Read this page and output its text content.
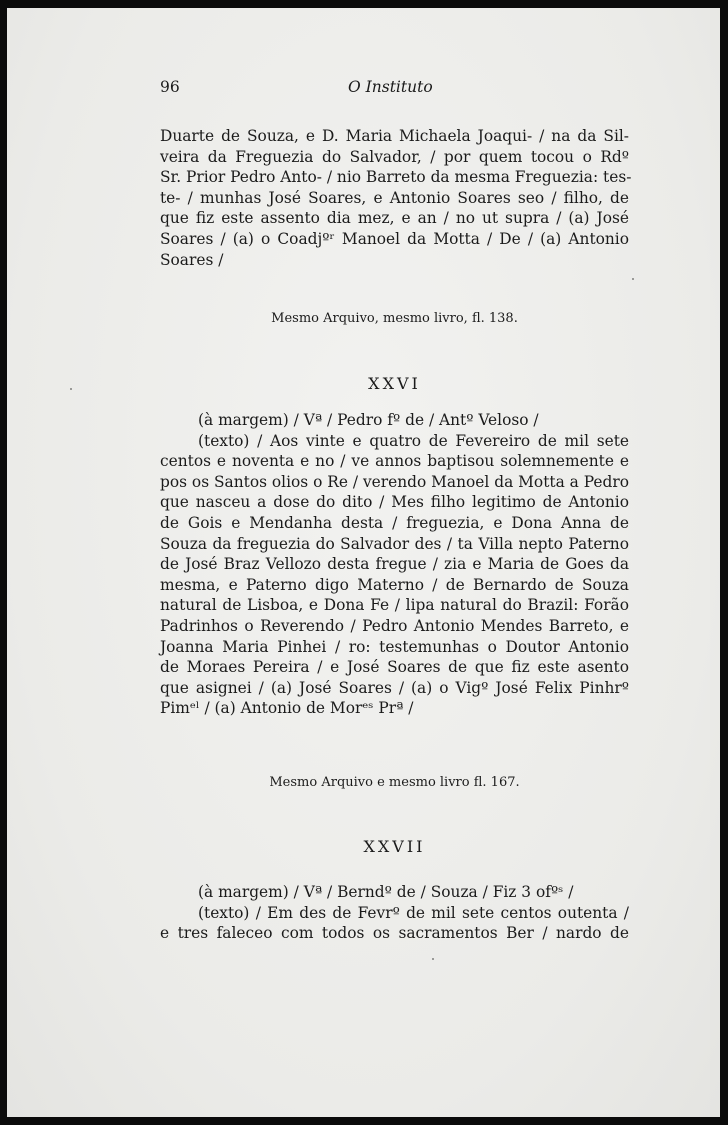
96	O Instituto
Duarte de Souza, e D. Maria Michaela Joaqui- / na da Sil-
veira da Freguezia do Salvador, / por quem tocou o Rdº
Sr. Prior Pedro Anto- / nio Barreto da mesma Freguezia: tes-
te- / munhas José Soares, e Antonio Soares seo / filho, de
que fiz este assento dia mez, e an / no ut supra / (a) José
Soares / (a) o Coadjºʳ Manoel da Motta / De / (a) Antonio
Soares /
Mesmo Arquivo, mesmo livro, fl. 138.
XXVI
(à margem) / Vª / Pedro fº de / Antº Veloso /
(texto) / Aos vinte e quatro de Fevereiro de mil sete
centos e noventa e no / ve annos baptisou solemnemente e
pos os Santos olios o Re / verendo Manoel da Motta a Pedro
que nasceu a dose do dito / Mes filho legitimo de Antonio
de Gois e Mendanha desta / freguezia, e Dona Anna de
Souza da freguezia do Salvador des / ta Villa nepto Paterno
de José Braz Vellozo desta fregue / zia e Maria de Goes da
mesma, e Paterno digo Materno / de Bernardo de Souza
natural de Lisboa, e Dona Fe / lipa natural do Brazil: Forão
Padrinhos o Reverendo / Pedro Antonio Mendes Barreto, e
Joanna Maria Pinhei / ro: testemunhas o Doutor Antonio
de Moraes Pereira / e José Soares de que fiz este asento
que asignei / (a) José Soares / (a) o Vigº José Felix Pinhrº
Pimᵉˡ / (a) Antonio de Morᵉˢ Prª /
Mesmo Arquivo e mesmo livro fl. 167.
XXVII
(à margem) / Vª / Berndº de / Souza / Fiz 3 ofºˢ /
(texto) / Em des de Fevrº de mil sete centos outenta /
e tres faleceo com todos os sacramentos Ber / nardo de
